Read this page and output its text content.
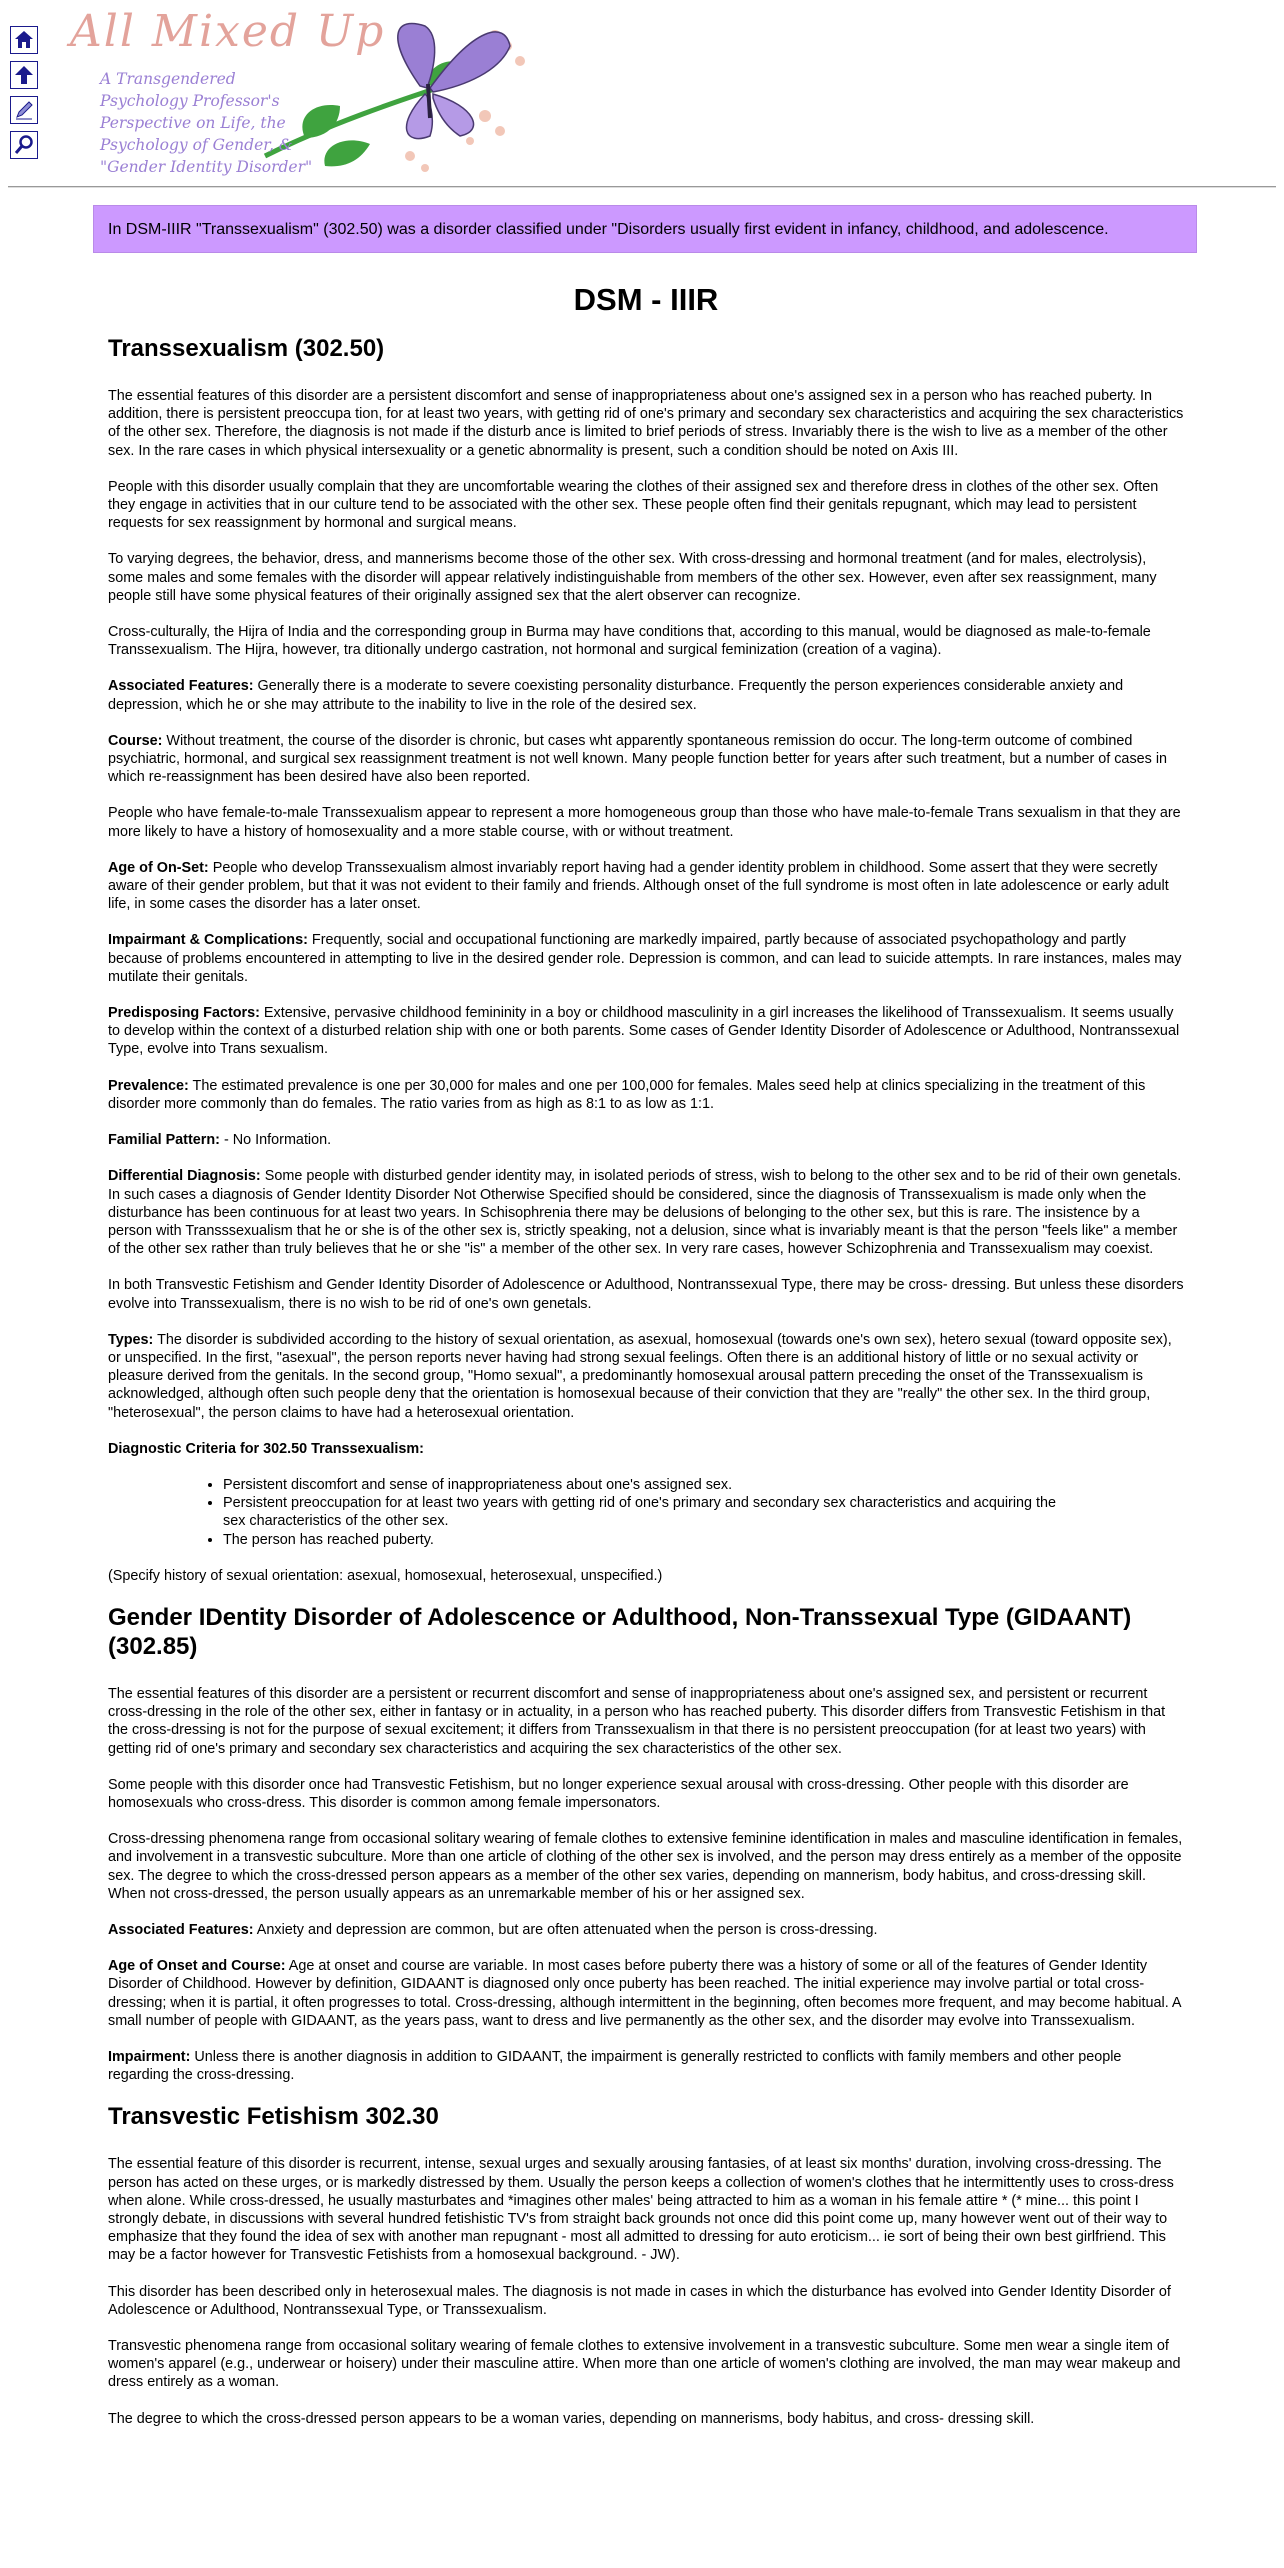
All Mixed Up
A Transgendered
Psychology Professor's
Perspective on Life, the
Psychology of Gender, &
"Gender Identity Disorder"
In DSM-IIIR "Transsexualism" (302.50) was a disorder classified under "Disorders usually first evident in infancy, childhood, and adolescence.
DSM - IIIR
Transsexualism (302.50)

The essential features of this disorder are a persistent discomfort and sense of inappropriateness about one's assigned sex in a person who has reached puberty. In addition, there is persistent preoccupa tion, for at least two years, with getting rid of one's primary and secondary sex characteristics and acquiring the sex characteristics of the other sex. Therefore, the diagnosis is not made if the disturb ance is limited to brief periods of stress. Invariably there is the wish to live as a member of the other sex. In the rare cases in which physical intersexuality or a genetic abnormality is present, such a condition should be noted on Axis III.

People with this disorder usually complain that they are uncomfortable wearing the clothes of their assigned sex and therefore dress in clothes of the other sex. Often they engage in activities that in our culture tend to be associated with the other sex. These people often find their genitals repugnant, which may lead to persistent requests for sex reassignment by hormonal and surgical means.

To varying degrees, the behavior, dress, and mannerisms become those of the other sex. With cross-dressing and hormonal treatment (and for males, electrolysis), some males and some females with the disorder will appear relatively indistinguishable from members of the other sex. However, even after sex reassignment, many people still have some physical features of their originally assigned sex that the alert observer can recognize.

Cross-culturally, the Hijra of India and the corresponding group in Burma may have conditions that, according to this manual, would be diagnosed as male-to-female Transsexualism. The Hijra, however, tra ditionally undergo castration, not hormonal and surgical feminization (creation of a vagina).

Associated Features: Generally there is a moderate to severe coexisting personality disturbance. Frequently the person experiences considerable anxiety and depression, which he or she may attribute to the inability to live in the role of the desired sex.

Course: Without treatment, the course of the disorder is chronic, but cases wht apparently spontaneous remission do occur. The long-term outcome of combined psychiatric, hormonal, and surgical sex reassignment treatment is not well known. Many people function better for years after such treatment, but a number of cases in which re-reassignment has been desired have also been reported.

People who have female-to-male Transsexualism appear to represent a more homogeneous group than those who have male-to-female Trans sexualism in that they are more likely to have a history of homosexuality and a more stable course, with or without treatment.

Age of On-Set: People who develop Transsexualism almost invariably report having had a gender identity problem in childhood. Some assert that they were secretly aware of their gender problem, but that it was not evident to their family and friends. Although onset of the full syndrome is most often in late adolescence or early adult life, in some cases the disorder has a later onset.

Impairmant & Complications: Frequently, social and occupational functioning are markedly impaired, partly because of associated psychopathology and partly because of problems encountered in attempting to live in the desired gender role. Depression is common, and can lead to suicide attempts. In rare instances, males may mutilate their genitals.

Predisposing Factors: Extensive, pervasive childhood femininity in a boy or childhood masculinity in a girl increases the likelihood of Transsexualism. It seems usually to develop within the context of a disturbed relation ship with one or both parents. Some cases of Gender Identity Disorder of Adolescence or Adulthood, Nontranssexual Type, evolve into Trans sexualism.

Prevalence: The estimated prevalence is one per 30,000 for males and one per 100,000 for females. Males seed help at clinics specializing in the treatment of this disorder more commonly than do females. The ratio varies from as high as 8:1 to as low as 1:1.

Familial Pattern: - No Information.

Differential Diagnosis: Some people with disturbed gender identity may, in isolated periods of stress, wish to belong to the other sex and to be rid of their own genetals. In such cases a diagnosis of Gender Identity Disorder Not Otherwise Specified should be considered, since the diagnosis of Transsexualism is made only when the disturbance has been continuous for at least two years. In Schisophrenia there may be delusions of belonging to the other sex, but this is rare. The insistence by a person with Transssexualism that he or she is of the other sex is, strictly speaking, not a delusion, since what is invariably meant is that the person "feels like" a member of the other sex rather than truly believes that he or she "is" a member of the other sex. In very rare cases, however Schizophrenia and Transsexualism may coexist.

In both Transvestic Fetishism and Gender Identity Disorder of Adolescence or Adulthood, Nontranssexual Type, there may be cross- dressing. But unless these disorders evolve into Transsexualism, there is no wish to be rid of one's own genetals.

Types: The disorder is subdivided according to the history of sexual orientation, as asexual, homosexual (towards one's own sex), hetero sexual (toward opposite sex), or unspecified. In the first, "asexual", the person reports never having had strong sexual feelings. Often there is an additional history of little or no sexual activity or pleasure derived from the genitals. In the second group, "Homo sexual", a predominantly homosexual arousal pattern preceding the onset of the Transsexualism is acknowledged, although often such people deny that the orientation is homosexual because of their conviction that they are "really" the other sex. In the third group, "heterosexual", the person claims to have had a heterosexual orientation.

Diagnostic Criteria for 302.50 Transsexualism:

• Persistent discomfort and sense of inappropriateness about one's assigned sex.
• Persistent preoccupation for at least two years with getting rid of one's primary and secondary sex characteristics and acquiring the sex characteristics of the other sex.
• The person has reached puberty.

(Specify history of sexual orientation: asexual, homosexual, heterosexual, unspecified.)

Gender IDentity Disorder of Adolescence or Adulthood, Non-Transsexual Type (GIDAANT) (302.85)

The essential features of this disorder are a persistent or recurrent discomfort and sense of inappropriateness about one's assigned sex, and persistent or recurrent cross-dressing in the role of the other sex, either in fantasy or in actuality, in a person who has reached puberty. This disorder differs from Transvestic Fetishism in that the cross-dressing is not for the purpose of sexual excitement; it differs from Transsexualism in that there is no persistent preoccupation (for at least two years) with getting rid of one's primary and secondary sex characteristics and acquiring the sex characteristics of the other sex.

Some people with this disorder once had Transvestic Fetishism, but no longer experience sexual arousal with cross-dressing. Other people with this disorder are homosexuals who cross-dress. This disorder is common among female impersonators.

Cross-dressing phenomena range from occasional solitary wearing of female clothes to extensive feminine identification in males and masculine identification in females, and involvement in a transvestic subculture. More than one article of clothing of the other sex is involved, and the person may dress entirely as a member of the opposite sex. The degree to which the cross-dressed person appears as a member of the other sex varies, depending on mannerism, body habitus, and cross-dressing skill. When not cross-dressed, the person usually appears as an unremarkable member of his or her assigned sex.

Associated Features: Anxiety and depression are common, but are often attenuated when the person is cross-dressing.

Age of Onset and Course: Age at onset and course are variable. In most cases before puberty there was a history of some or all of the features of Gender Identity Disorder of Childhood. However by definition, GIDAANT is diagnosed only once puberty has been reached. The initial experience may involve partial or total cross-dressing; when it is partial, it often progresses to total. Cross-dressing, although intermittent in the beginning, often becomes more frequent, and may become habitual. A small number of people with GIDAANT, as the years pass, want to dress and live permanently as the other sex, and the disorder may evolve into Transsexualism.

Impairment: Unless there is another diagnosis in addition to GIDAANT, the impairment is generally restricted to conflicts with family members and other people regarding the cross-dressing.

Transvestic Fetishism 302.30

The essential feature of this disorder is recurrent, intense, sexual urges and sexually arousing fantasies, of at least six months' duration, involving cross-dressing. The person has acted on these urges, or is markedly distressed by them. Usually the person keeps a collection of women's clothes that he intermittently uses to cross-dress when alone. While cross-dressed, he usually masturbates and *imagines other males' being attracted to him as a woman in his female attire * (* mine... this point I strongly debate, in discussions with several hundred fetishistic TV's from straight back grounds not once did this point come up, many however went out of their way to emphasize that they found the idea of sex with another man repugnant - most all admitted to dressing for auto eroticism... ie sort of being their own best girlfriend. This may be a factor however for Transvestic Fetishists from a homosexual background. - JW).

This disorder has been described only in heterosexual males. The diagnosis is not made in cases in which the disturbance has evolved into Gender Identity Disorder of Adolescence or Adulthood, Nontranssexual Type, or Transsexualism.

Transvestic phenomena range from occasional solitary wearing of female clothes to extensive involvement in a transvestic subculture. Some men wear a single item of women's apparel (e.g., underwear or hoisery) under their masculine attire. When more than one article of women's clothing are involved, the man may wear makeup and dress entirely as a woman.

The degree to which the cross-dressed person appears to be a woman varies, depending on mannerisms, body habitus, and cross- dressing skill.
